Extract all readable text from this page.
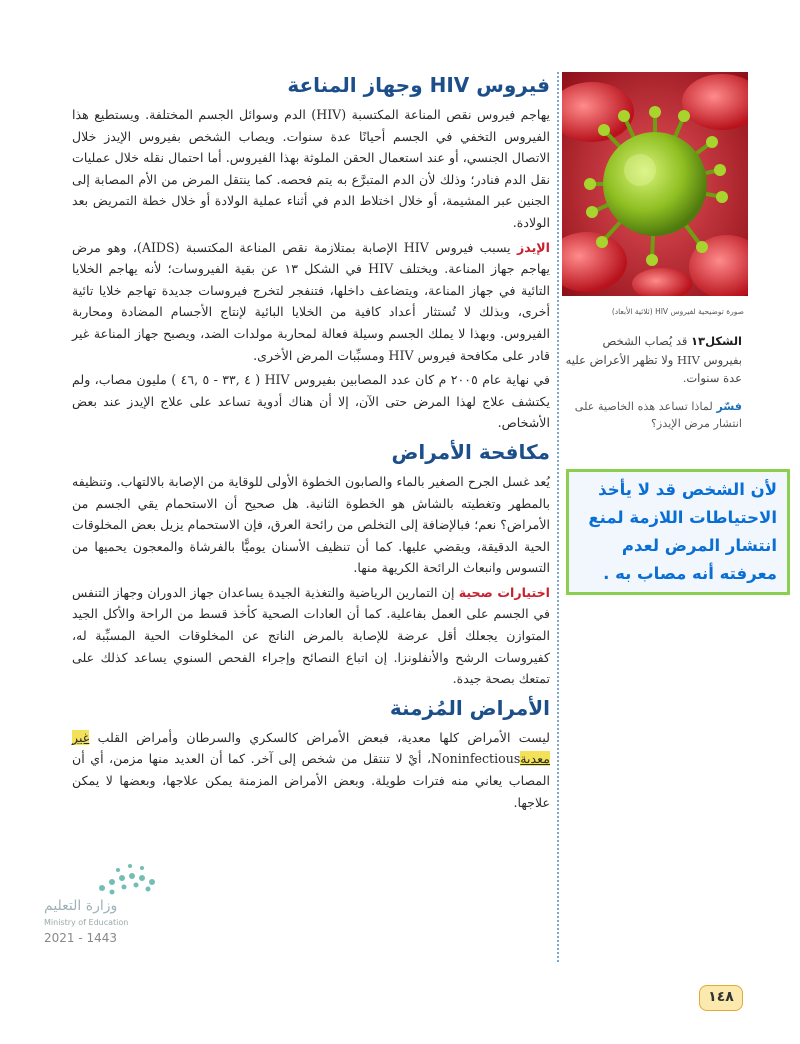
فيروس HIV وجهاز المناعة

يهاجم فيروس نقص المناعة المكتسبة (HIV) الدم وسوائل الجسم المختلفة. ويستطيع هذا الفيروس التخفي في الجسم أحيانًا عدة سنوات. ويصاب الشخص بفيروس الإيدز خلال الاتصال الجنسي، أو عند استعمال الحقن الملوثة بهذا الفيروس. أما احتمال نقله خلال عمليات نقل الدم فنادر؛ وذلك لأن الدم المتبرَّع به يتم فحصه. كما ينتقل المرض من الأم المصابة إلى الجنين عبر المشيمة، أو خلال اختلاط الدم في أثناء عملية الولادة أو خلال خطة التمريض بعد الولادة.

الإيدز يسبب فيروس HIV الإصابة بمتلازمة نقص المناعة المكتسبة (AIDS)، وهو مرض يهاجم جهاز المناعة. ويختلف HIV في الشكل ١٣ عن بقية الفيروسات؛ لأنه يهاجم الخلايا التائية في جهاز المناعة، ويتضاعف داخلها، فتنفجر لتخرج فيروسات جديدة تهاجم خلايا تائية أخرى، وبذلك لا تُستثار أعداد كافية من الخلايا البائية لإنتاج الأجسام المضادة ومحاربة الفيروس. وبهذا لا يملك الجسم وسيلة فعالة لمحاربة مولدات الضد، ويصبح جهاز المناعة غير قادر على مكافحة فيروس HIV ومسبِّبات المرض الأخرى.

في نهاية عام ٢٠٠٥ م كان عدد المصابين بفيروس HIV ( ٤ ,٣٣ - ٥ ,٤٦ ) مليون مصاب، ولم يكتشف علاج لهذا المرض حتى الآن، إلا أن هناك أدوية تساعد على علاج الإيدز عند بعض الأشخاص.

مكافحة الأمراض

يُعد غسل الجرح الصغير بالماء والصابون الخطوة الأولى للوقاية من الإصابة بالالتهاب. وتنظيفه بالمطهر وتغطيته بالشاش هو الخطوة الثانية. هل صحيح أن الاستحمام يقي الجسم من الأمراض؟ نعم؛ فبالإضافة إلى التخلص من رائحة العرق، فإن الاستحمام يزيل بعض المخلوقات الحية الدقيقة، ويقضي عليها. كما أن تنظيف الأسنان يوميًّا بالفرشاة والمعجون يحميها من التسوس وانبعاث الرائحة الكريهة منها.

اختيارات صحية إن التمارين الرياضية والتغذية الجيدة يساعدان جهاز الدوران وجهاز التنفس في الجسم على العمل بفاعلية. كما أن العادات الصحية كأخذ قسط من الراحة والأكل الجيد المتوازن يجعلك أقل عرضة للإصابة بالمرض الناتج عن المخلوقات الحية المسبِّبة له، كفيروسات الرشح والأنفلونزا. إن اتباع النصائح وإجراء الفحص السنوي يساعد كذلك على تمتعك بصحة جيدة.

الأمراض المُزمنة

ليست الأمراض كلها معدية، فبعض الأمراض كالسكري والسرطان وأمراض القلب غير معديةNoninfectious، أيْ لا تنتقل من شخص إلى آخر. كما أن العديد منها مزمن، أي أن المصاب يعاني منه فترات طويلة. وبعض الأمراض المزمنة يمكن علاجها، وبعضها لا يمكن علاجها.

صورة توضيحية لفيروس HIV (ثلاثية الأبعاد)

الشكل١٣ قد يُصاب الشخص بفيروس HIV ولا تظهر الأعراض عليه عدة سنوات.

فسّر لماذا تساعد هذه الخاصية على انتشار مرض الإيدز؟

لأن الشخص قد لا يأخذ الاحتياطات اللازمة لمنع انتشار المرض لعدم معرفته أنه مصاب به .
وزارة التعليم
Ministry of Education
2021 - 1443
١٤٨
